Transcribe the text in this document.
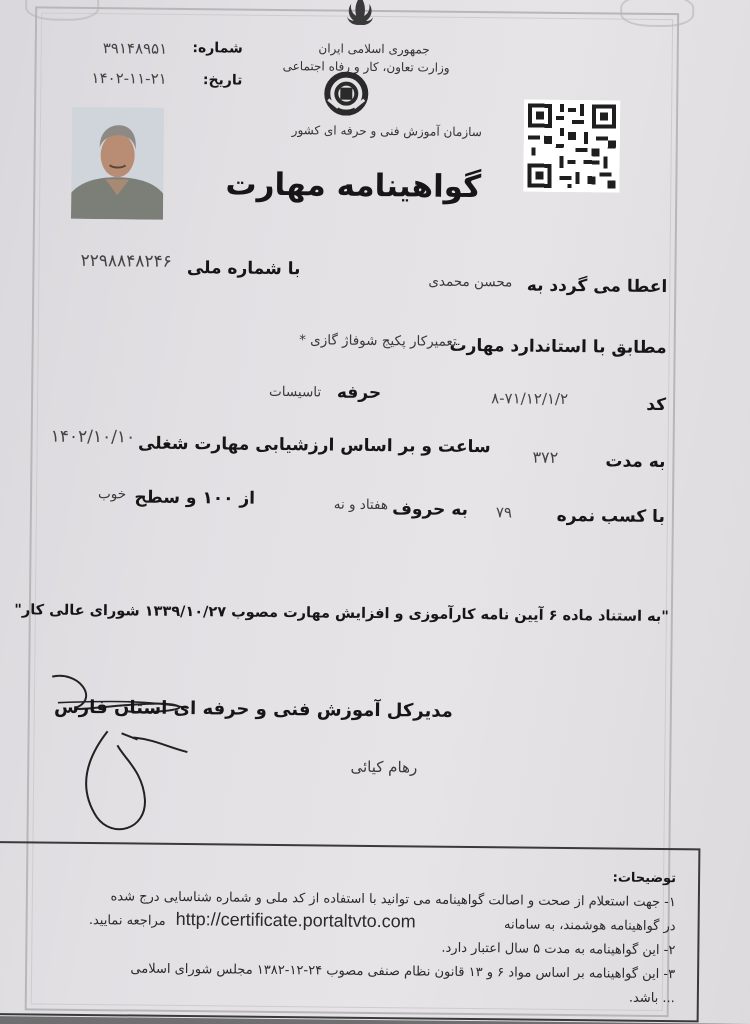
جمهوری اسلامی ایران
وزارت تعاون، کار و رفاه اجتماعی
سازمان آموزش فنی و حرفه ای کشور
شماره:
۳۹۱۴۸۹۵۱
تاریخ:
۱۴۰۲-۱۱-۲۱
گواهینامه مهارت
با شماره ملی
۲۲۹۸۸۴۸۲۴۶
اعطا می گردد به
محسن محمدی
مطابق با استاندارد مهارت
تعمیرکار پکیج شوفاژ گازی *
کد
۸-۷۱/۱۲/۱/۲
حرفه
تاسیسات
۱۴۰۲/۱۰/۱۰ ساعت و بر اساس ارزشیابی مهارت شغلی
۳۷۲	به مدت
خوب از ۱۰۰ و سطح	هفتاد و نه به حروف ۷۹	با کسب نمره
"به استناد ماده ۶ آیین نامه کارآموزی و افزایش مهارت مصوب ۱۳۳۹/۱۰/۲۷ شورای عالی کار"
مدیرکل آموزش فنی و حرفه ای استان فارس
رهام کیائی
توضیحات:
۱- جهت استعلام از صحت و اصالت گواهینامه می توانید با استفاده از کد ملی و شماره شناسایی درج شده
در گواهینامه هوشمند، به سامانه
http://certificate.portaltvto.com
مراجعه نمایید.
۲- این گواهینامه به مدت ۵ سال اعتبار دارد.
۳- این گواهینامه بر اساس مواد ۶ و ۱۳ قانون نظام صنفی مصوب ۲۴-۱۲-۱۳۸۲ مجلس شورای اسلامی
... باشد.
